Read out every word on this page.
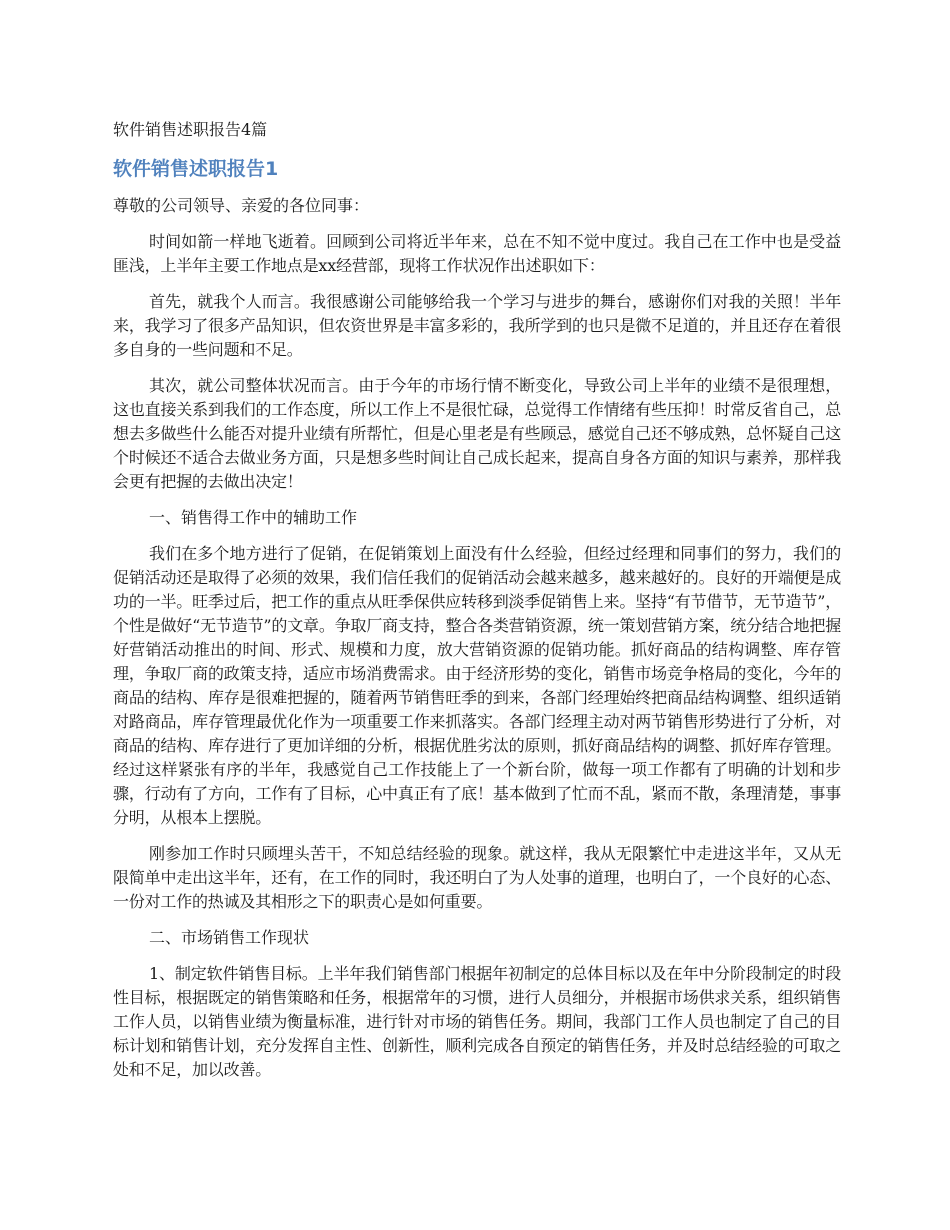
软件销售述职报告4篇
软件销售述职报告1
尊敬的公司领导、亲爱的各位同事：

时间如箭一样地飞逝着。回顾到公司将近半年来，总在不知不觉中度过。我自己在工作中也是受益匪浅，上半年主要工作地点是xx经营部，现将工作状况作出述职如下：

首先，就我个人而言。我很感谢公司能够给我一个学习与进步的舞台，感谢你们对我的关照！半年来，我学习了很多产品知识，但农资世界是丰富多彩的，我所学到的也只是微不足道的，并且还存在着很多自身的一些问题和不足。

其次，就公司整体状况而言。由于今年的市场行情不断变化，导致公司上半年的业绩不是很理想，这也直接关系到我们的工作态度，所以工作上不是很忙碌，总觉得工作情绪有些压抑！时常反省自己，总想去多做些什么能否对提升业绩有所帮忙，但是心里老是有些顾忌，感觉自己还不够成熟，总怀疑自己这个时候还不适合去做业务方面，只是想多些时间让自己成长起来，提高自身各方面的知识与素养，那样我会更有把握的去做出决定！

一、销售得工作中的辅助工作

我们在多个地方进行了促销，在促销策划上面没有什么经验，但经过经理和同事们的努力，我们的促销活动还是取得了必须的效果，我们信任我们的促销活动会越来越多，越来越好的。良好的开端便是成功的一半。旺季过后，把工作的重点从旺季保供应转移到淡季促销售上来。坚持“有节借节，无节造节”，个性是做好“无节造节”的文章。争取厂商支持，整合各类营销资源，统一策划营销方案，统分结合地把握好营销活动推出的时间、形式、规模和力度，放大营销资源的促销功能。抓好商品的结构调整、库存管理，争取厂商的政策支持，适应市场消费需求。由于经济形势的变化，销售市场竞争格局的变化，今年的商品的结构、库存是很难把握的，随着两节销售旺季的到来，各部门经理始终把商品结构调整、组织适销对路商品，库存管理最优化作为一项重要工作来抓落实。各部门经理主动对两节销售形势进行了分析，对商品的结构、库存进行了更加详细的分析，根据优胜劣汰的原则，抓好商品结构的调整、抓好库存管理。经过这样紧张有序的半年，我感觉自己工作技能上了一个新台阶，做每一项工作都有了明确的计划和步骤，行动有了方向，工作有了目标，心中真正有了底！基本做到了忙而不乱，紧而不散，条理清楚，事事分明，从根本上摆脱。

刚参加工作时只顾埋头苦干，不知总结经验的现象。就这样，我从无限繁忙中走进这半年，又从无限简单中走出这半年，还有，在工作的同时，我还明白了为人处事的道理，也明白了，一个良好的心态、一份对工作的热诚及其相形之下的职责心是如何重要。

二、市场销售工作现状

1、制定软件销售目标。上半年我们销售部门根据年初制定的总体目标以及在年中分阶段制定的时段性目标，根据既定的销售策略和任务，根据常年的习惯，进行人员细分，并根据市场供求关系，组织销售工作人员，以销售业绩为衡量标准，进行针对市场的销售任务。期间，我部门工作人员也制定了自己的目标计划和销售计划，充分发挥自主性、创新性，顺利完成各自预定的销售任务，并及时总结经验的可取之处和不足，加以改善。
